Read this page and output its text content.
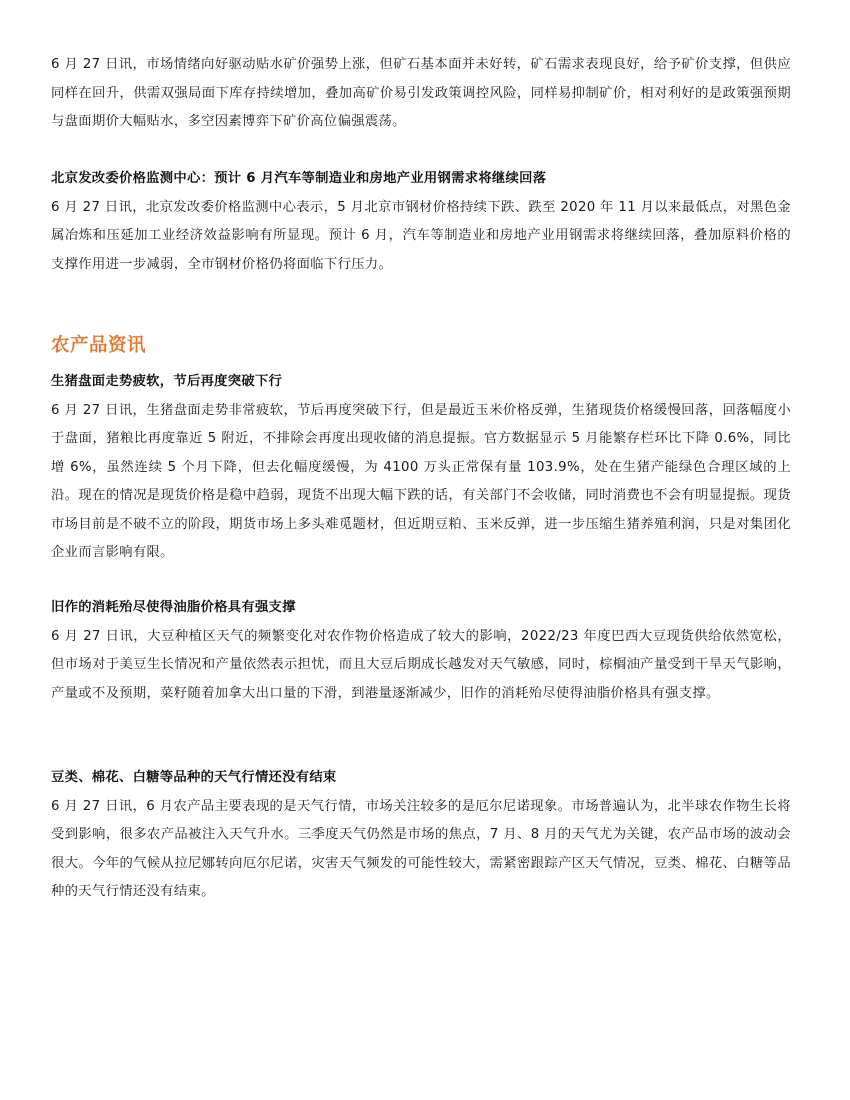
6 月 27 日讯，市场情绪向好驱动贴水矿价强势上涨，但矿石基本面并未好转，矿石需求表现良好，给予矿价支撑，但供应同样在回升，供需双强局面下库存持续增加，叠加高矿价易引发政策调控风险，同样易抑制矿价，相对利好的是政策强预期与盘面期价大幅贴水，多空因素博弈下矿价高位偏强震荡。

北京发改委价格监测中心：预计 6 月汽车等制造业和房地产业用钢需求将继续回落

6 月 27 日讯，北京发改委价格监测中心表示，5 月北京市钢材价格持续下跌、跌至 2020 年 11 月以来最低点，对黑色金属冶炼和压延加工业经济效益影响有所显现。预计 6 月，汽车等制造业和房地产业用钢需求将继续回落，叠加原料价格的支撑作用进一步减弱，全市钢材价格仍将面临下行压力。

农产品资讯
生猪盘面走势疲软，节后再度突破下行

6 月 27 日讯，生猪盘面走势非常疲软，节后再度突破下行，但是最近玉米价格反弹，生猪现货价格缓慢回落，回落幅度小于盘面，猪粮比再度靠近 5 附近，不排除会再度出现收储的消息提振。官方数据显示 5 月能繁存栏环比下降 0.6%，同比增 6%，虽然连续 5 个月下降，但去化幅度缓慢，为 4100 万头正常保有量 103.9%，处在生猪产能绿色合理区域的上沿。现在的情况是现货价格是稳中趋弱，现货不出现大幅下跌的话，有关部门不会收储，同时消费也不会有明显提振。现货市场目前是不破不立的阶段，期货市场上多头难觅题材，但近期豆粕、玉米反弹，进一步压缩生猪养殖利润，只是对集团化企业而言影响有限。

旧作的消耗殆尽使得油脂价格具有强支撑

6 月 27 日讯，大豆种植区天气的频繁变化对农作物价格造成了较大的影响，2022/23 年度巴西大豆现货供给依然宽松，但市场对于美豆生长情况和产量依然表示担忧，而且大豆后期成长越发对天气敏感，同时，棕榈油产量受到干旱天气影响，产量或不及预期，菜籽随着加拿大出口量的下滑，到港量逐渐减少，旧作的消耗殆尽使得油脂价格具有强支撑。

豆类、棉花、白糖等品种的天气行情还没有结束

6 月 27 日讯，6 月农产品主要表现的是天气行情，市场关注较多的是厄尔尼诺现象。市场普遍认为，北半球农作物生长将受到影响，很多农产品被注入天气升水。三季度天气仍然是市场的焦点，7 月、8 月的天气尤为关键，农产品市场的波动会很大。今年的气候从拉尼娜转向厄尔尼诺，灾害天气频发的可能性较大，需紧密跟踪产区天气情况，豆类、棉花、白糖等品种的天气行情还没有结束。
